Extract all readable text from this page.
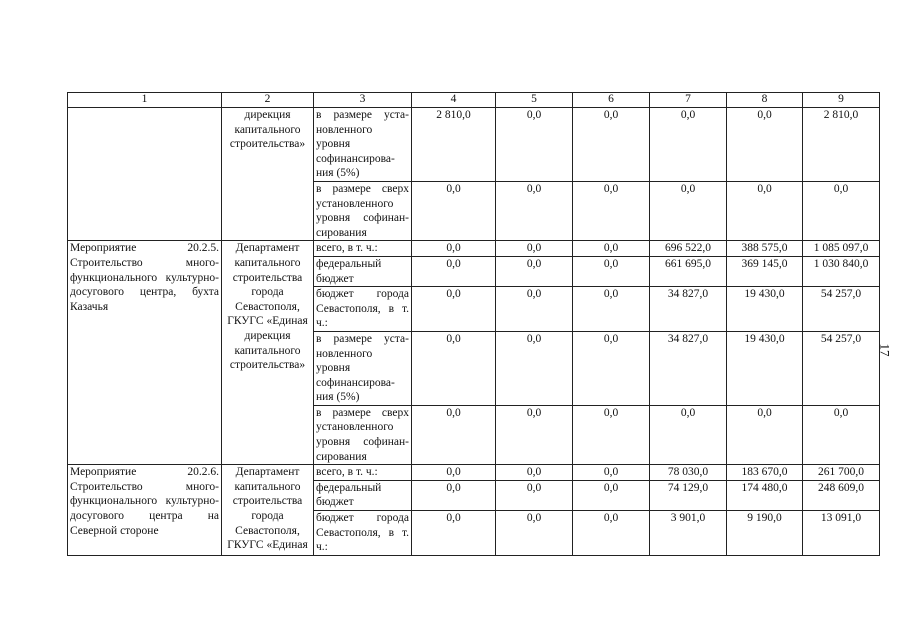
1	2	3	4	5	6	7	8	9
	дирекция капитального строительства»	в размере уста-новленного уровня софинансирова-ния (5%)	2 810,0	0,0	0,0	0,0	0,0	2 810,0
		в размере сверх установленного уровня софинан-сирования	0,0	0,0	0,0	0,0	0,0	0,0
Мероприятие 20.2.5. Строительство много-функционального культурно-досугового центра, бухта Казачья	Департамент капитального строительства города Севастополя, ГКУГС «Единая дирекция капитального строительства»	всего, в т. ч.:	0,0	0,0	0,0	696 522,0	388 575,0	1 085 097,0
		федеральный бюджет	0,0	0,0	0,0	661 695,0	369 145,0	1 030 840,0
		бюджет города Севастополя, в т. ч.:	0,0	0,0	0,0	34 827,0	19 430,0	54 257,0
		в размере уста-новленного уровня софинансирова-ния (5%)	0,0	0,0	0,0	34 827,0	19 430,0	54 257,0
		в размере сверх установленного уровня софинан-сирования	0,0	0,0	0,0	0,0	0,0	0,0
Мероприятие 20.2.6. Строительство много-функционального культурно-досугового центра на Северной стороне	Департамент капитального строительства города Севастополя, ГКУГС «Единая	всего, в т. ч.:	0,0	0,0	0,0	78 030,0	183 670,0	261 700,0
		федеральный бюджет	0,0	0,0	0,0	74 129,0	174 480,0	248 609,0
		бюджет города Севастополя, в т. ч.:	0,0	0,0	0,0	3 901,0	9 190,0	13 091,0
17
